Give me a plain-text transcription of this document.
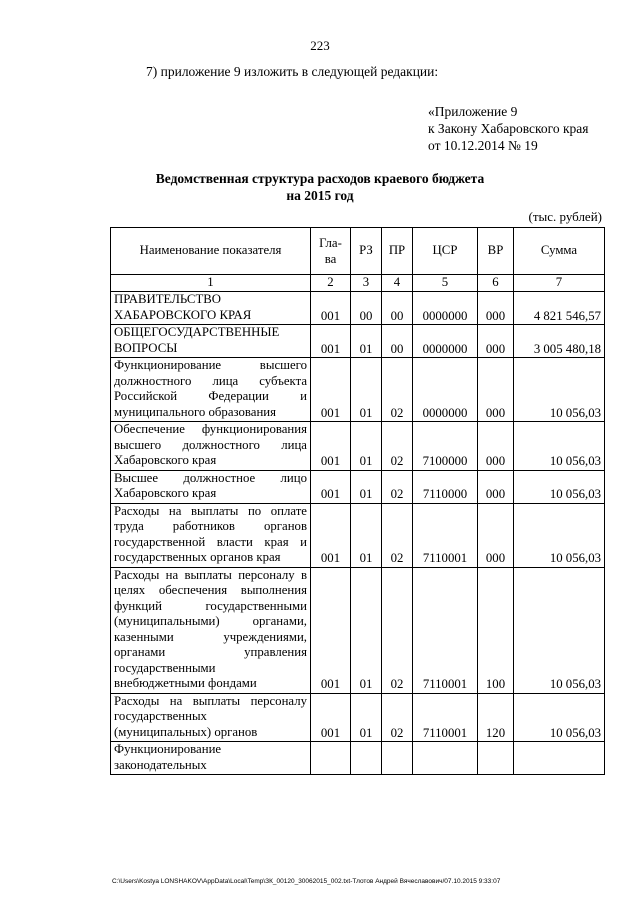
223
7) приложение 9 изложить в следующей редакции:
«Приложение 9
к Закону Хабаровского края
от 10.12.2014 № 19
Ведомственная структура расходов краевого бюджета
на 2015 год
(тыс. рублей)
Наименование показателя	Гла-ва	РЗ	ПР	ЦСР	ВР	Сумма
1	2	3	4	5	6	7
ПРАВИТЕЛЬСТВО ХАБАРОВСКОГО КРАЯ	001	00	00	0000000	000	4 821 546,57
ОБЩЕГОСУДАРСТВЕННЫЕ ВОПРОСЫ	001	01	00	0000000	000	3 005 480,18
Функционирование высшего должностного лица субъекта Российской Федерации и муниципального образования	001	01	02	0000000	000	10 056,03
Обеспечение функционирования высшего должностного лица Хабаровского края	001	01	02	7100000	000	10 056,03
Высшее должностное лицо Хабаровского края	001	01	02	7110000	000	10 056,03
Расходы на выплаты по оплате труда работников органов государственной власти края и государственных органов края	001	01	02	7110001	000	10 056,03
Расходы на выплаты персоналу в целях обеспечения выполнения функций государственными (муниципальными) органами, казенными учреждениями, органами управления государственными внебюджетными фондами	001	01	02	7110001	100	10 056,03
Расходы на выплаты персоналу государственных (муниципальных) органов	001	01	02	7110001	120	10 056,03
Функционирование законодательных						
C:\Users\Kostya LONSHAKOV\AppData\Local\Temp\ЗК_00120_30062015_002.txt-Тлотов Андрей Вячеславович/07.10.2015 9:33:07
